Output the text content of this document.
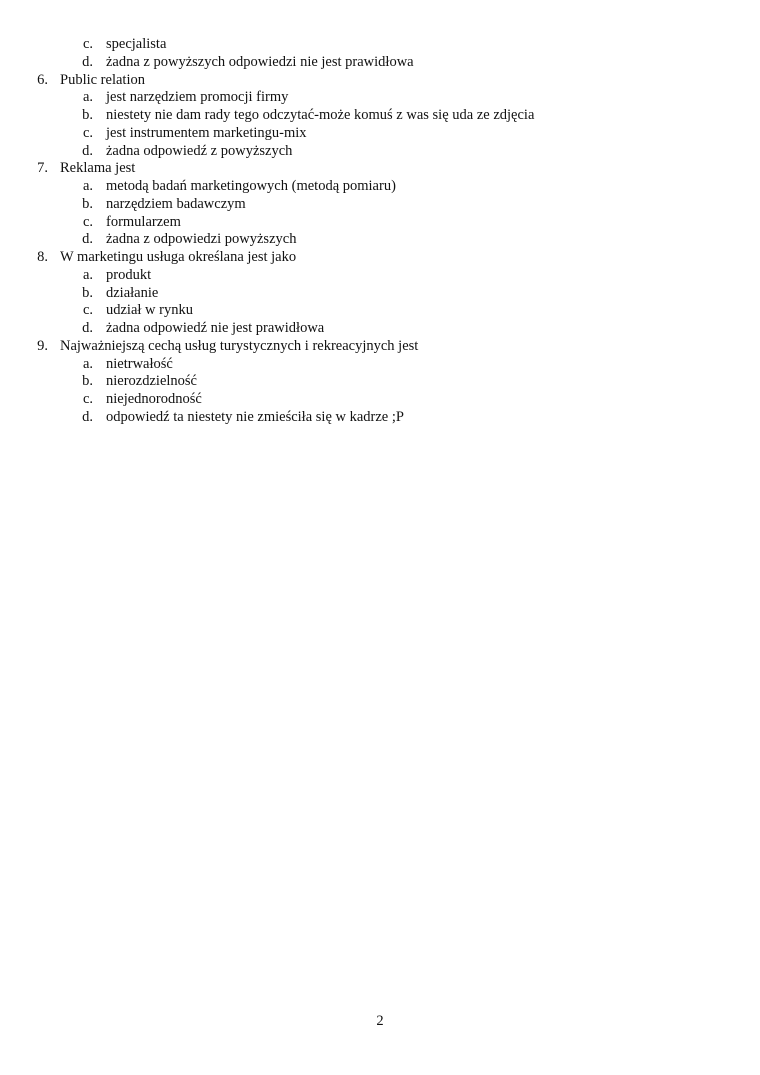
c. specjalista
d. żadna z powyższych odpowiedzi nie jest prawidłowa
6. Public relation
a. jest narzędziem promocji firmy
b. niestety nie dam rady tego odczytać-może komuś z was się uda ze zdjęcia
c. jest instrumentem marketingu-mix
d. żadna odpowiedź z powyższych
7. Reklama jest
a. metodą badań marketingowych (metodą pomiaru)
b. narzędziem badawczym
c. formularzem
d. żadna z odpowiedzi powyższych
8. W marketingu usługa określana jest jako
a. produkt
b. działanie
c. udział w rynku
d. żadna odpowiedź nie jest prawidłowa
9. Najważniejszą cechą usług turystycznych i rekreacyjnych jest
a. nietrwałość
b. nierozdzielność
c. niejednorodność
d. odpowiedź ta niestety nie zmieściła się w kadrze ;P
2
